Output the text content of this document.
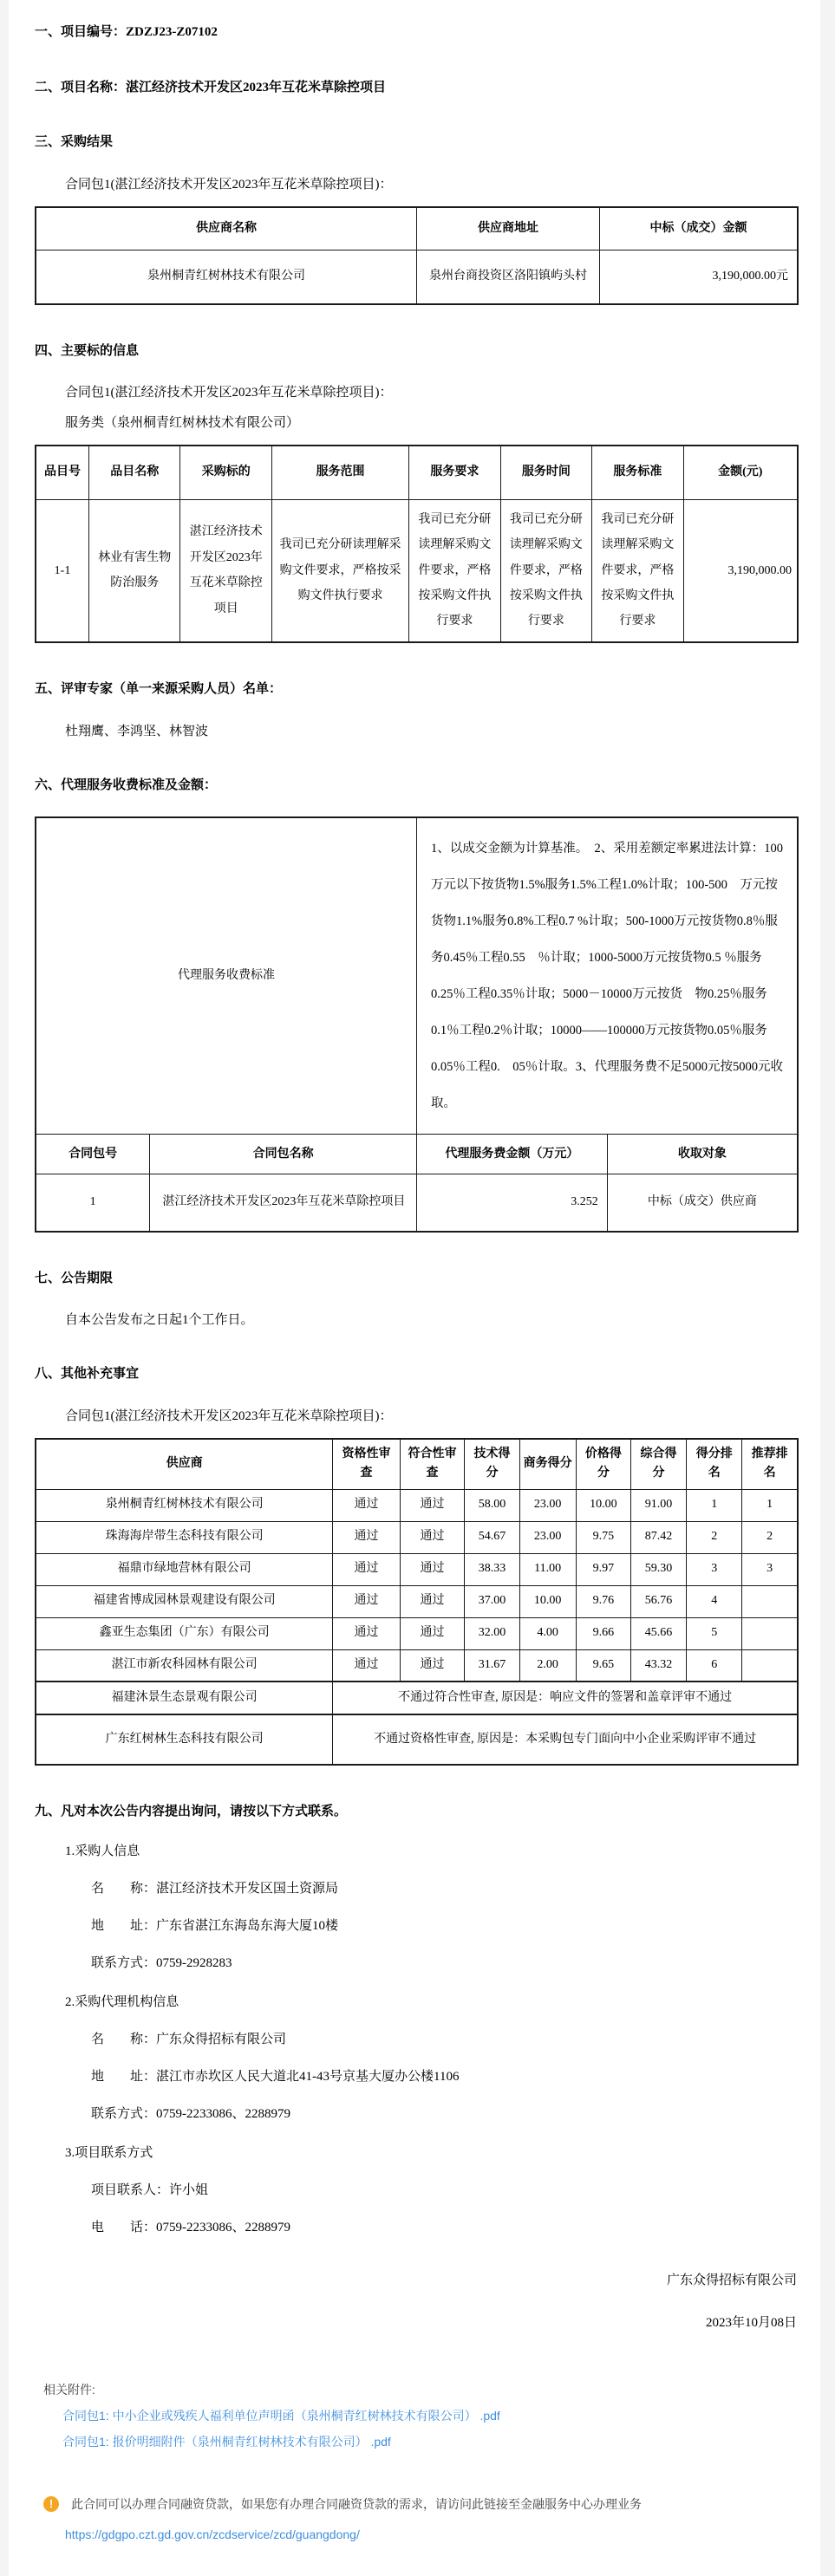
一、项目编号：ZDZJ23-Z07102
二、项目名称：湛江经济技术开发区2023年互花米草除控项目
三、采购结果
合同包1(湛江经济技术开发区2023年互花米草除控项目)：
供应商名称	供应商地址	中标（成交）金额
泉州桐青红树林技术有限公司	泉州台商投资区洛阳镇屿头村	3,190,000.00元
四、主要标的信息
合同包1(湛江经济技术开发区2023年互花米草除控项目)：
服务类（泉州桐青红树林技术有限公司）
品目号	品目名称	采购标的	服务范围	服务要求	服务时间	服务标准	金额(元)
1-1	林业有害生物防治服务	湛江经济技术开发区2023年互花米草除控项目	我司已充分研读理解采购文件要求，严格按采购文件执行要求	我司已充分研读理解采购文件要求，严格按采购文件执行要求	我司已充分研读理解采购文件要求，严格按采购文件执行要求	我司已充分研读理解采购文件要求，严格按采购文件执行要求	3,190,000.00
五、评审专家（单一来源采购人员）名单：
杜翔鹰、李鸿坚、林智波
六、代理服务收费标准及金额：
代理服务收费标准		1、以成交金额为计算基准。　2、采用差额定率累进法计算：100万元以下按货物1.5%服务1.5%工程1.0%计取；100-500　万元按货物1.1%服务0.8%工程0.7 %计取；500-1000万元按货物0.8％服务0.45％工程0.55　％计取；1000-5000万元按货物0.5 ％服务0.25％工程0.35％计取；5000－10000万元按货　物0.25％服务0.1％工程0.2％计取；10000——100000万元按货物0.05％服务0.05％工程0.　05％计取。3、代理服务费不足5000元按5000元收取。	
合同包号	合同包名称	代理服务费金额（万元）	收取对象
1	湛江经济技术开发区2023年互花米草除控项目	3.252	中标（成交）供应商
七、公告期限
自本公告发布之日起1个工作日。
八、其他补充事宜
合同包1(湛江经济技术开发区2023年互花米草除控项目)：
供应商	资格性审查	符合性审查	技术得分	商务得分	价格得分	综合得分	得分排名	推荐排名
泉州桐青红树林技术有限公司	通过	通过	58.00	23.00	10.00	91.00	1	1
珠海海岸带生态科技有限公司	通过	通过	54.67	23.00	9.75	87.42	2	2
福鼎市绿地营林有限公司	通过	通过	38.33	11.00	9.97	59.30	3	3
福建省博成园林景观建设有限公司	通过	通过	37.00	10.00	9.76	56.76	4	
鑫亚生态集团（广东）有限公司	通过	通过	32.00	4.00	9.66	45.66	5	
湛江市新农科园林有限公司	通过	通过	31.67	2.00	9.65	43.32	6	
福建沐景生态景观有限公司	不通过符合性审查, 原因是：响应文件的签署和盖章评审不通过							
广东红树林生态科技有限公司	不通过资格性审查, 原因是：本采购包专门面向中小企业采购评审不通过							
九、凡对本次公告内容提出询问，请按以下方式联系。
1.采购人信息
名　　称：湛江经济技术开发区国土资源局
地　　址：广东省湛江东海岛东海大厦10楼
联系方式：0759-2928283
2.采购代理机构信息
名　　称：广东众得招标有限公司
地　　址：湛江市赤坎区人民大道北41-43号京基大厦办公楼1106
联系方式：0759-2233086、2288979
3.项目联系方式
项目联系人：许小姐
电　　话：0759-2233086、2288979
广东众得招标有限公司
2023年10月08日
相关附件:
合同包1: 中小企业或残疾人福利单位声明函（泉州桐青红树林技术有限公司） .pdf
合同包1: 报价明细附件（泉州桐青红树林技术有限公司） .pdf
!	此合同可以办理合同融资贷款，如果您有办理合同融资贷款的需求，请访问此链接至金融服务中心办理业务
https://gdgpo.czt.gd.gov.cn/zcdservice/zcd/guangdong/
